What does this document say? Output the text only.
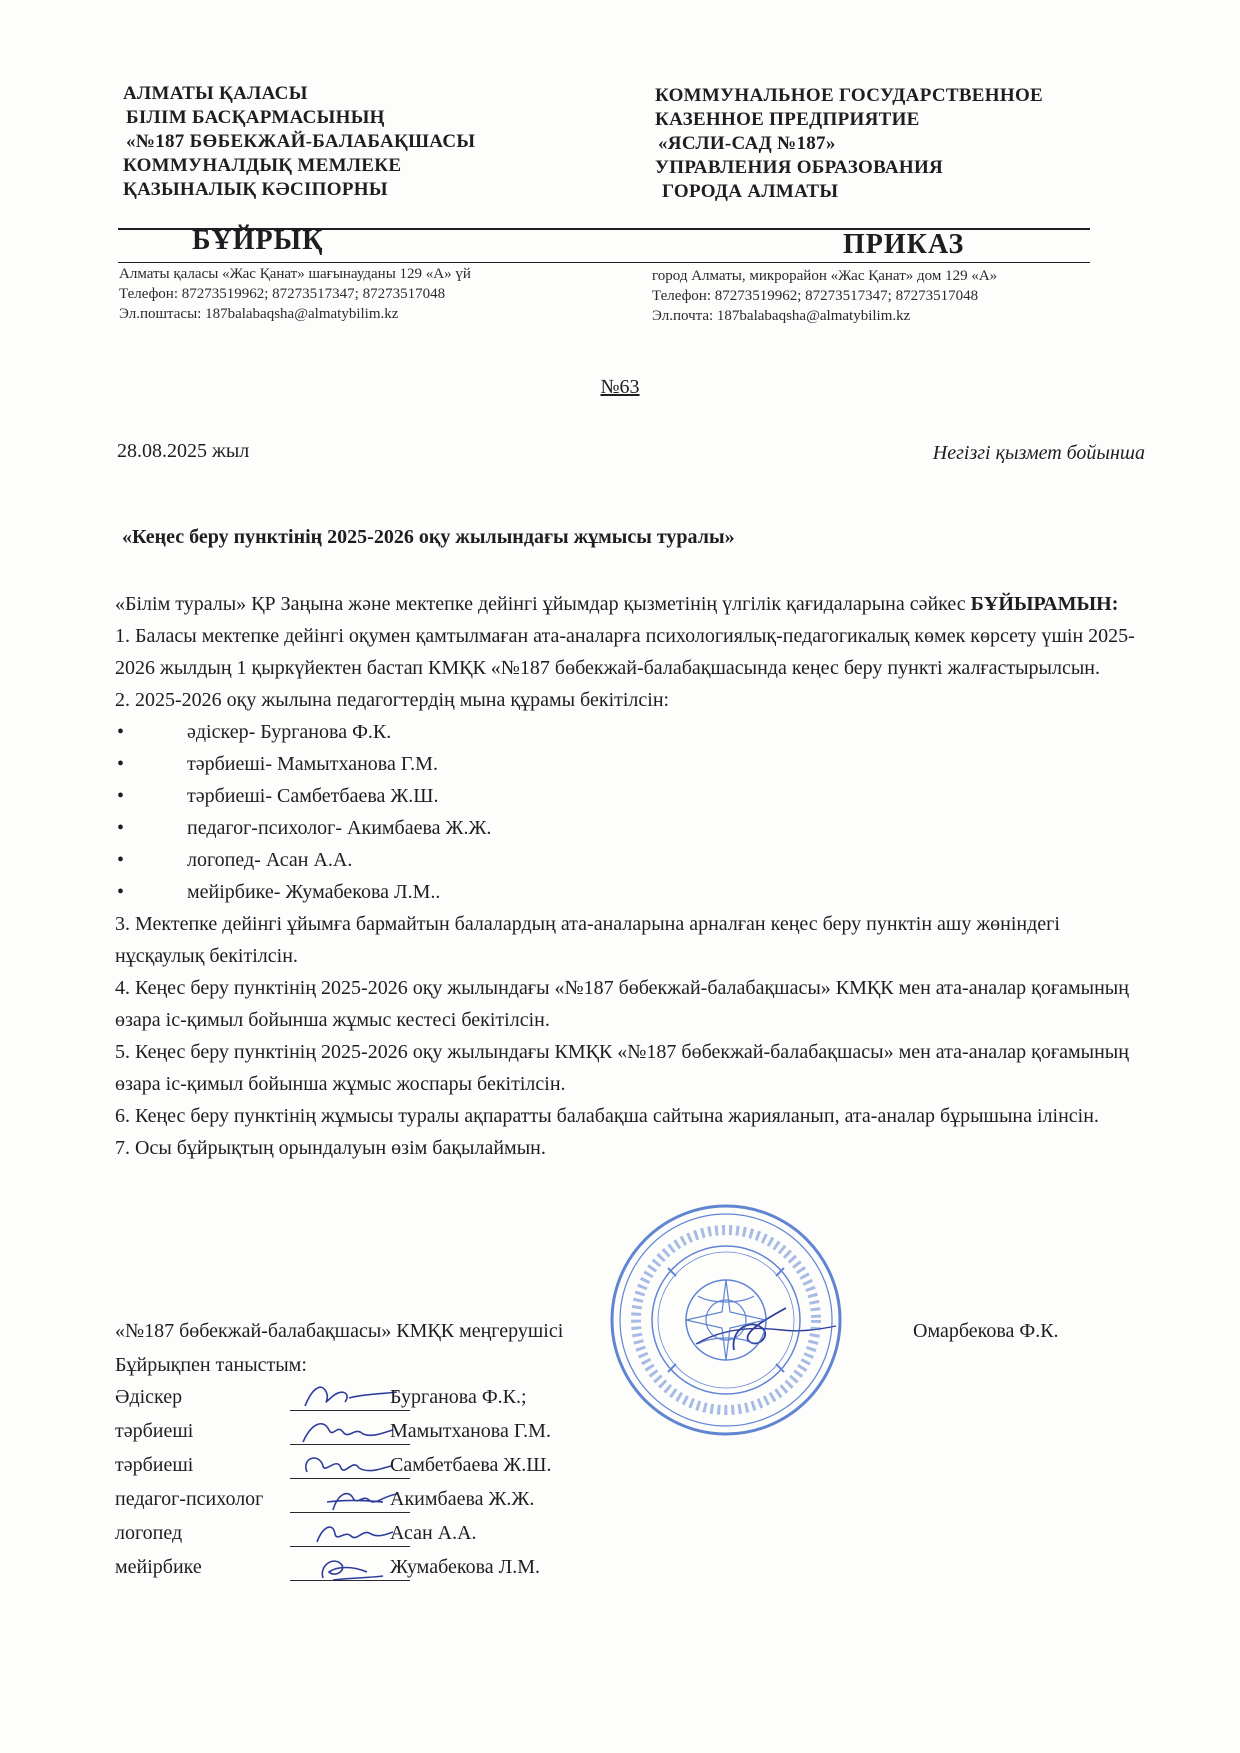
АЛМАТЫ ҚАЛАСЫ
БІЛІМ БАСҚАРМАСЫНЫҢ
«№187 БӨБЕКЖАЙ-БАЛАБАҚШАСЫ
КОММУНАЛДЫҚ МЕМЛЕКЕ
ҚАЗЫНАЛЫҚ КӘСІПОРНЫ
КОММУНАЛЬНОЕ ГОСУДАРСТВЕННОЕ
КАЗЕННОЕ ПРЕДПРИЯТИЕ
«ЯСЛИ-САД №187»
УПРАВЛЕНИЯ ОБРАЗОВАНИЯ
ГОРОДА АЛМАТЫ
БҰЙРЫҚ	ПРИКАЗ
Алматы қаласы «Жас Қанат» шағынауданы 129 «А» үй
Телефон: 87273519962; 87273517347; 87273517048
Эл.поштасы: 187balabaqsha@almatybilim.kz
город Алматы, микрорайон «Жас Қанат» дом 129 «А»
Телефон: 87273519962; 87273517347; 87273517048
Эл.почта: 187balabaqsha@almatybilim.kz
№63
28.08.2025 жыл	Негізгі қызмет бойынша
«Кеңес беру пунктінің 2025-2026 оқу жылындағы жұмысы туралы»

«Білім туралы» ҚР Заңына және мектепке дейінгі ұйымдар қызметінің үлгілік қағидаларына сәйкес БҰЙЫРАМЫН:

1. Баласы мектепке дейінгі оқумен қамтылмаған ата-аналарға психологиялық-педагогикалық көмек көрсету үшін 2025-2026 жылдың 1 қыркүйектен бастап КМҚК «№187 бөбекжай-балабақшасында кеңес беру пункті жалғастырылсын.

2. 2025-2026 оқу жылына педагогтердің мына құрамы бекітілсін:

• әдіскер- Бурганова Ф.К.
• тәрбиеші- Мамытханова Г.М.
• тәрбиеші- Самбетбаева Ж.Ш.
• педагог-психолог- Акимбаева Ж.Ж.
• логопед- Асан А.А.
• мейірбике- Жумабекова Л.М..

3. Мектепке дейінгі ұйымға бармайтын балалардың ата-аналарына арналған кеңес беру пунктін ашу жөніндегі нұсқаулық бекітілсін.

4. Кеңес беру пунктінің 2025-2026 оқу жылындағы «№187 бөбекжай-балабақшасы» КМҚК мен ата-аналар қоғамының өзара іс-қимыл бойынша жұмыс кестесі бекітілсін.

5. Кеңес беру пунктінің 2025-2026 оқу жылындағы КМҚК «№187 бөбекжай-балабақшасы» мен ата-аналар қоғамының өзара іс-қимыл бойынша жұмыс жоспары бекітілсін.

6. Кеңес беру пунктінің жұмысы туралы ақпаратты балабақша сайтына жарияланып, ата-аналар бұрышына ілінсін.

7. Осы бұйрықтың орындалуын өзім бақылаймын.

«№187 бөбекжай-балабақшасы» КМҚК меңгерушісі	Омарбекова Ф.К.
Бұйрықпен таныстым:
Әдіскер	Бурганова Ф.К.;
тәрбиеші	Мамытханова Г.М.
тәрбиеші	Самбетбаева Ж.Ш.
педагог-психолог	Акимбаева Ж.Ж.
логопед	Асан А.А.
мейірбике	Жумабекова Л.М.
